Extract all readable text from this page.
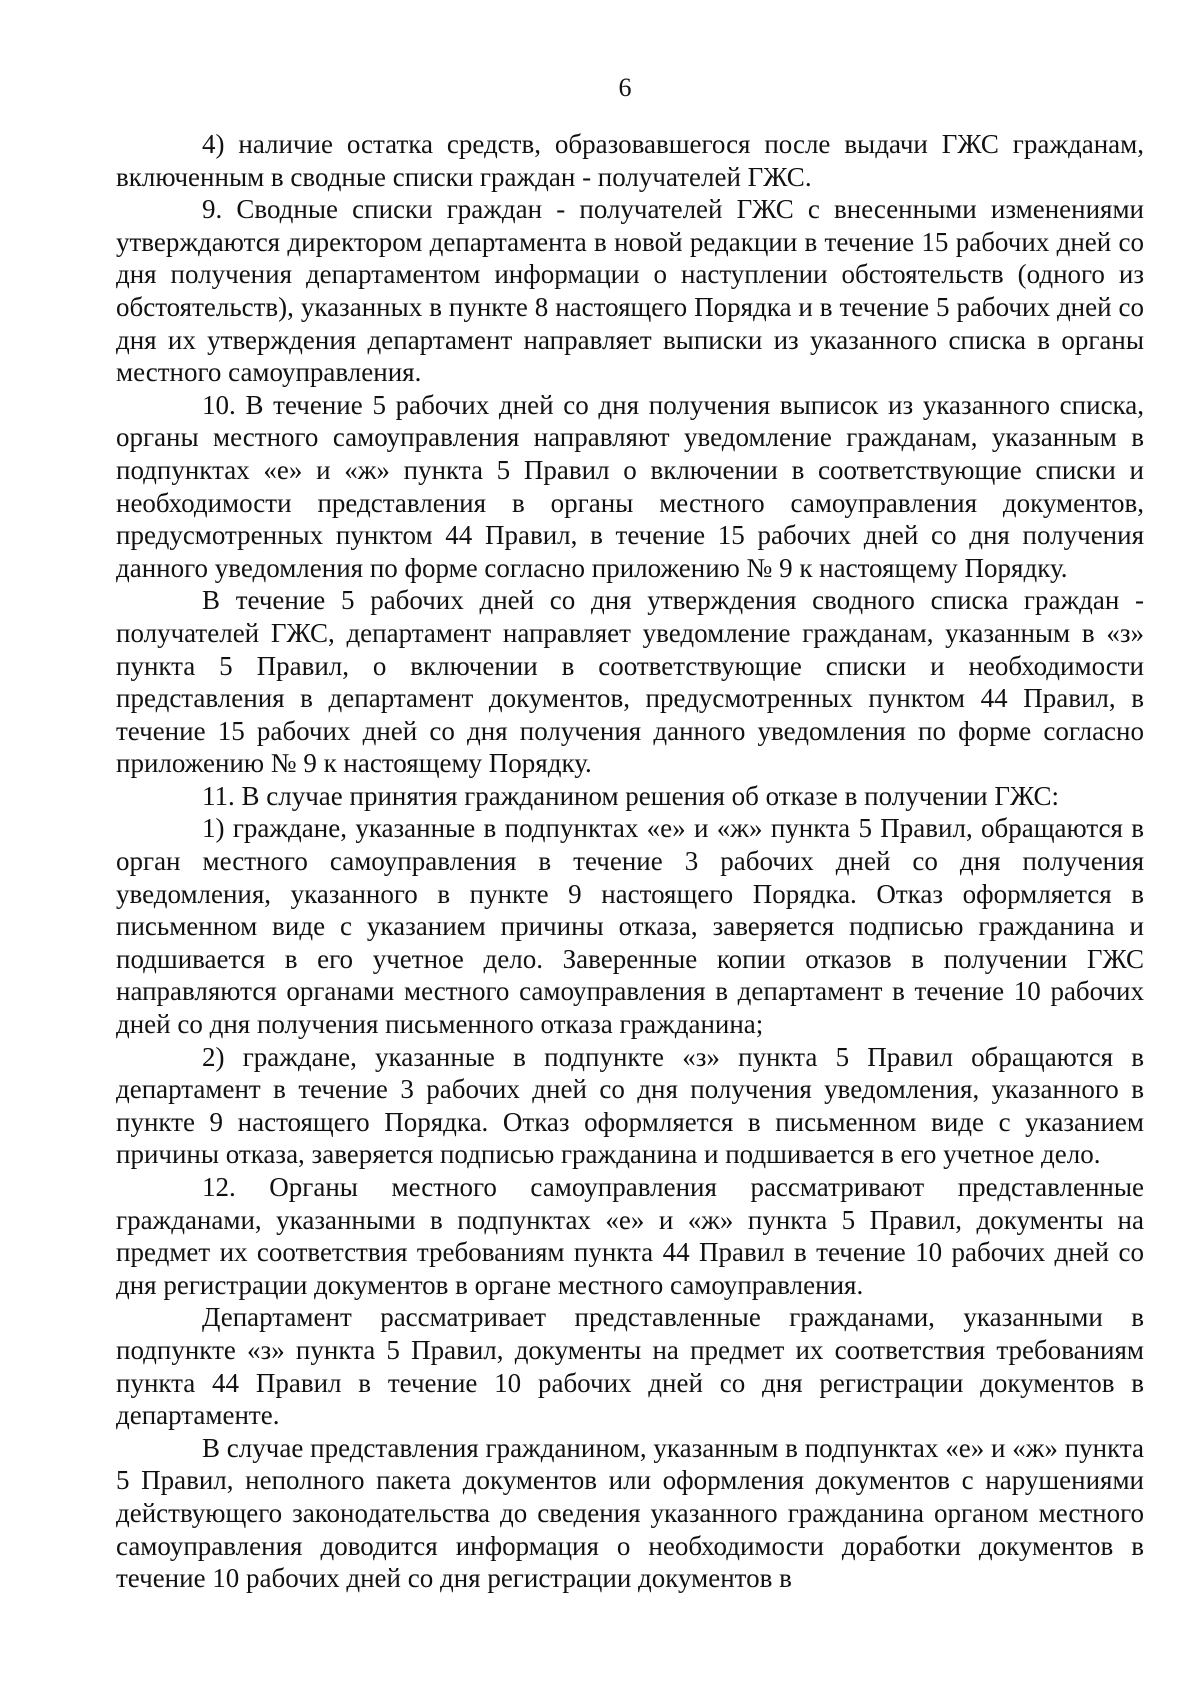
6

4) наличие остатка средств, образовавшегося после выдачи ГЖС гражданам, включенным в сводные списки граждан - получателей ГЖС.

9. Сводные списки граждан - получателей ГЖС с внесенными изменениями утверждаются директором департамента в новой редакции в течение 15 рабочих дней со дня получения департаментом информации о наступлении обстоятельств (одного из обстоятельств), указанных в пункте 8 настоящего Порядка и в течение 5 рабочих дней со дня их утверждения департамент направляет выписки из указанного списка в органы местного самоуправления.

10. В течение 5 рабочих дней со дня получения выписок из указанного списка, органы местного самоуправления направляют уведомление гражданам, указанным в подпунктах «е» и «ж» пункта 5 Правил о включении в соответствующие списки и необходимости представления в органы местного самоуправления документов, предусмотренных пунктом 44 Правил, в течение 15 рабочих дней со дня получения данного уведомления по форме согласно приложению № 9 к настоящему Порядку.

В течение 5 рабочих дней со дня утверждения сводного списка граждан - получателей ГЖС, департамент направляет уведомление гражданам, указанным в «з» пункта 5 Правил, о включении в соответствующие списки и необходимости представления в департамент документов, предусмотренных пунктом 44 Правил, в течение 15 рабочих дней со дня получения данного уведомления по форме согласно приложению № 9 к настоящему Порядку.

11. В случае принятия гражданином решения об отказе в получении ГЖС:

1) граждане, указанные в подпунктах «е» и «ж» пункта 5 Правил, обращаются в орган местного самоуправления в течение 3 рабочих дней со дня получения уведомления, указанного в пункте 9 настоящего Порядка. Отказ оформляется в письменном виде с указанием причины отказа, заверяется подписью гражданина и подшивается в его учетное дело. Заверенные копии отказов в получении ГЖС направляются органами местного самоуправления в департамент в течение 10 рабочих дней со дня получения письменного отказа гражданина;

2) граждане, указанные в подпункте «з» пункта 5 Правил обращаются в департамент в течение 3 рабочих дней со дня получения уведомления, указанного в пункте 9 настоящего Порядка. Отказ оформляется в письменном виде с указанием причины отказа, заверяется подписью гражданина и подшивается в его учетное дело.

12. Органы местного самоуправления рассматривают представленные гражданами, указанными в подпунктах «е» и «ж» пункта 5 Правил, документы на предмет их соответствия требованиям пункта 44 Правил в течение 10 рабочих дней со дня регистрации документов в органе местного самоуправления.

Департамент рассматривает представленные гражданами, указанными в подпункте «з» пункта 5 Правил, документы на предмет их соответствия требованиям пункта 44 Правил в течение 10 рабочих дней со дня регистрации документов в департаменте.

В случае представления гражданином, указанным в подпунктах «е» и «ж» пункта 5 Правил, неполного пакета документов или оформления документов с нарушениями действующего законодательства до сведения указанного гражданина органом местного самоуправления доводится информация о необходимости доработки документов в течение 10 рабочих дней со дня регистрации документов в
